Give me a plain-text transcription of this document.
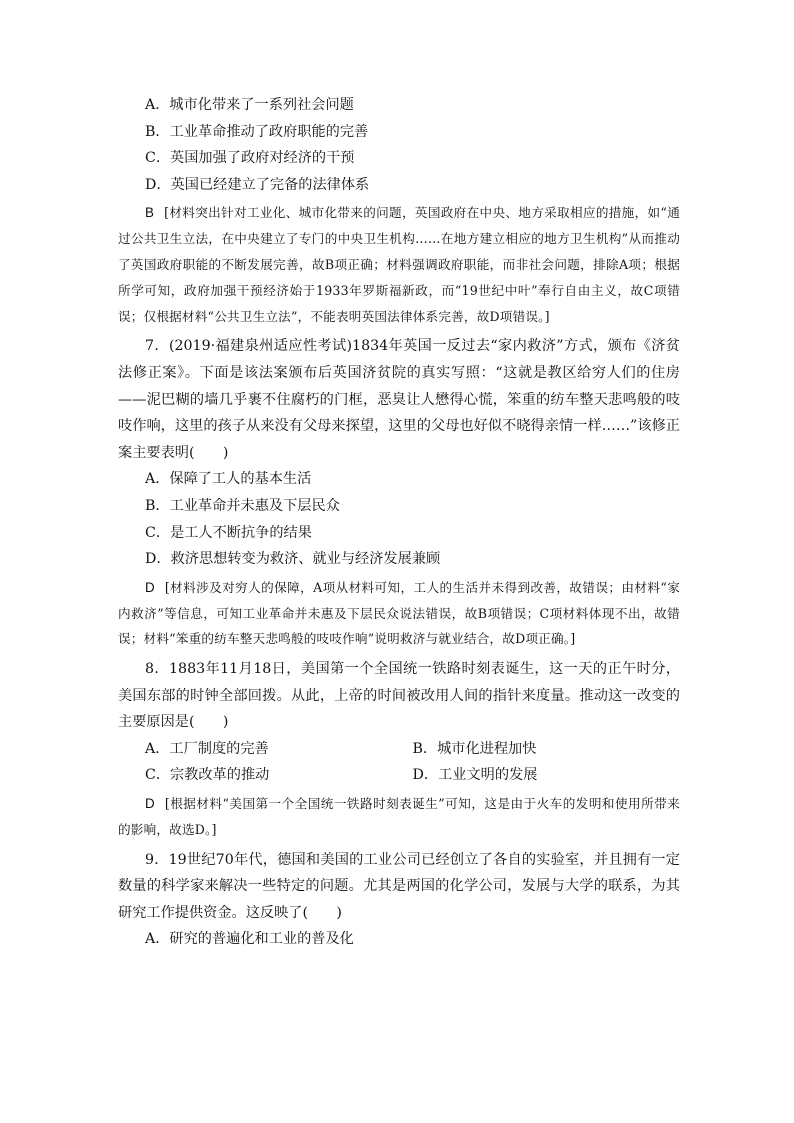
A．城市化带来了一系列社会问题
B．工业革命推动了政府职能的完善
C．英国加强了政府对经济的干预
D．英国已经建立了完备的法律体系
B [材料突出针对工业化、城市化带来的问题，英国政府在中央、地方采取相应的措施，如“通过公共卫生立法，在中央建立了专门的中央卫生机构……在地方建立相应的地方卫生机构”从而推动了英国政府职能的不断发展完善，故B项正确；材料强调政府职能，而非社会问题，排除A项；根据所学可知，政府加强干预经济始于1933年罗斯福新政，而“19世纪中叶”奉行自由主义，故C项错误；仅根据材料“公共卫生立法”，不能表明英国法律体系完善，故D项错误。]
7．(2019·福建泉州适应性考试)1834年英国一反过去“家内救济”方式，颁布《济贫法修正案》。下面是该法案颁布后英国济贫院的真实写照：“这就是教区给穷人们的住房——泥巴糊的墙几乎裹不住腐朽的门框，恶臭让人懋得心慌，笨重的纺车整天悲鸣般的吱吱作响，这里的孩子从来没有父母来探望，这里的父母也好似不晓得亲情一样……”该修正案主要表明(　　)
A．保障了工人的基本生活
B．工业革命并未惠及下层民众
C．是工人不断抗争的结果
D．救济思想转变为救济、就业与经济发展兼顾
D [材料涉及对穷人的保障，A项从材料可知，工人的生活并未得到改善，故错误；由材料“家内救济”等信息，可知工业革命并未惠及下层民众说法错误，故B项错误；C项材料体现不出，故错误；材料“笨重的纺车整天悲鸣般的吱吱作响”说明救济与就业结合，故D项正确。]
8．1883年11月18日，美国第一个全国统一铁路时刻表诞生，这一天的正午时分，美国东部的时钟全部回拨。从此，上帝的时间被改用人间的指针来度量。推动这一改变的主要原因是(　　)
A．工厂制度的完善	B．城市化进程加快
C．宗教改革的推动	D．工业文明的发展
D [根据材料“美国第一个全国统一铁路时刻表诞生”可知，这是由于火车的发明和使用所带来的影响，故选D。]
9．19世纪70年代，德国和美国的工业公司已经创立了各自的实验室，并且拥有一定数量的科学家来解决一些特定的问题。尤其是两国的化学公司，发展与大学的联系，为其研究工作提供资金。这反映了(　　)
A．研究的普遍化和工业的普及化
